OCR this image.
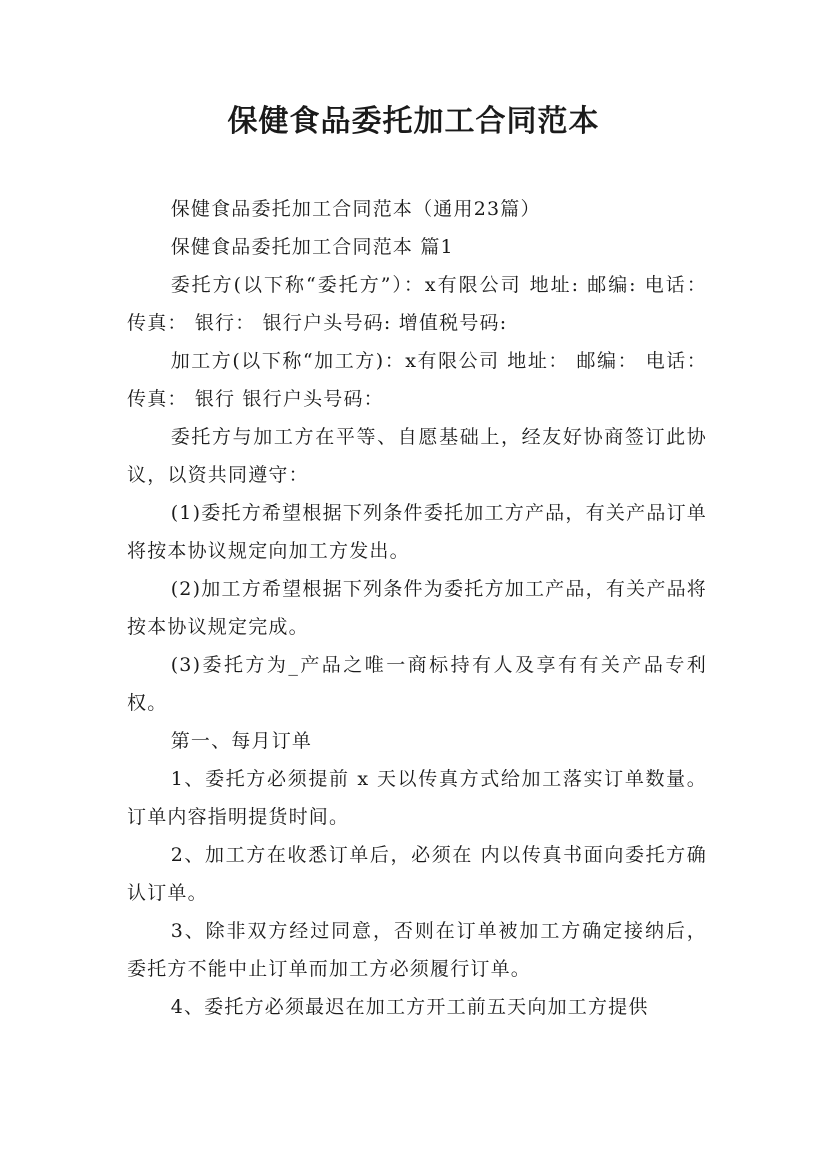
保健食品委托加工合同范本

保健食品委托加工合同范本（通用23篇）

保健食品委托加工合同范本 篇1

委托方(以下称“委托方”）：x有限公司 地址: 邮编: 电话： 传真： 银行： 银行户头号码: 增值税号码:

加工方(以下称“加工方)：x有限公司 地址： 邮编： 电话： 传真： 银行 银行户头号码：

委托方与加工方在平等、自愿基础上，经友好协商签订此协议，以资共同遵守：

(1)委托方希望根据下列条件委托加工方产品，有关产品订单将按本协议规定向加工方发出。

(2)加工方希望根据下列条件为委托方加工产品，有关产品将按本协议规定完成。

(3)委托方为_产品之唯一商标持有人及享有有关产品专利权。

第一、每月订单

1、委托方必须提前 x 天以传真方式给加工落实订单数量。订单内容指明提货时间。

2、加工方在收悉订单后，必须在 内以传真书面向委托方确认订单。

3、除非双方经过同意，否则在订单被加工方确定接纳后，委托方不能中止订单而加工方必须履行订单。

4、委托方必须最迟在加工方开工前五天向加工方提供
